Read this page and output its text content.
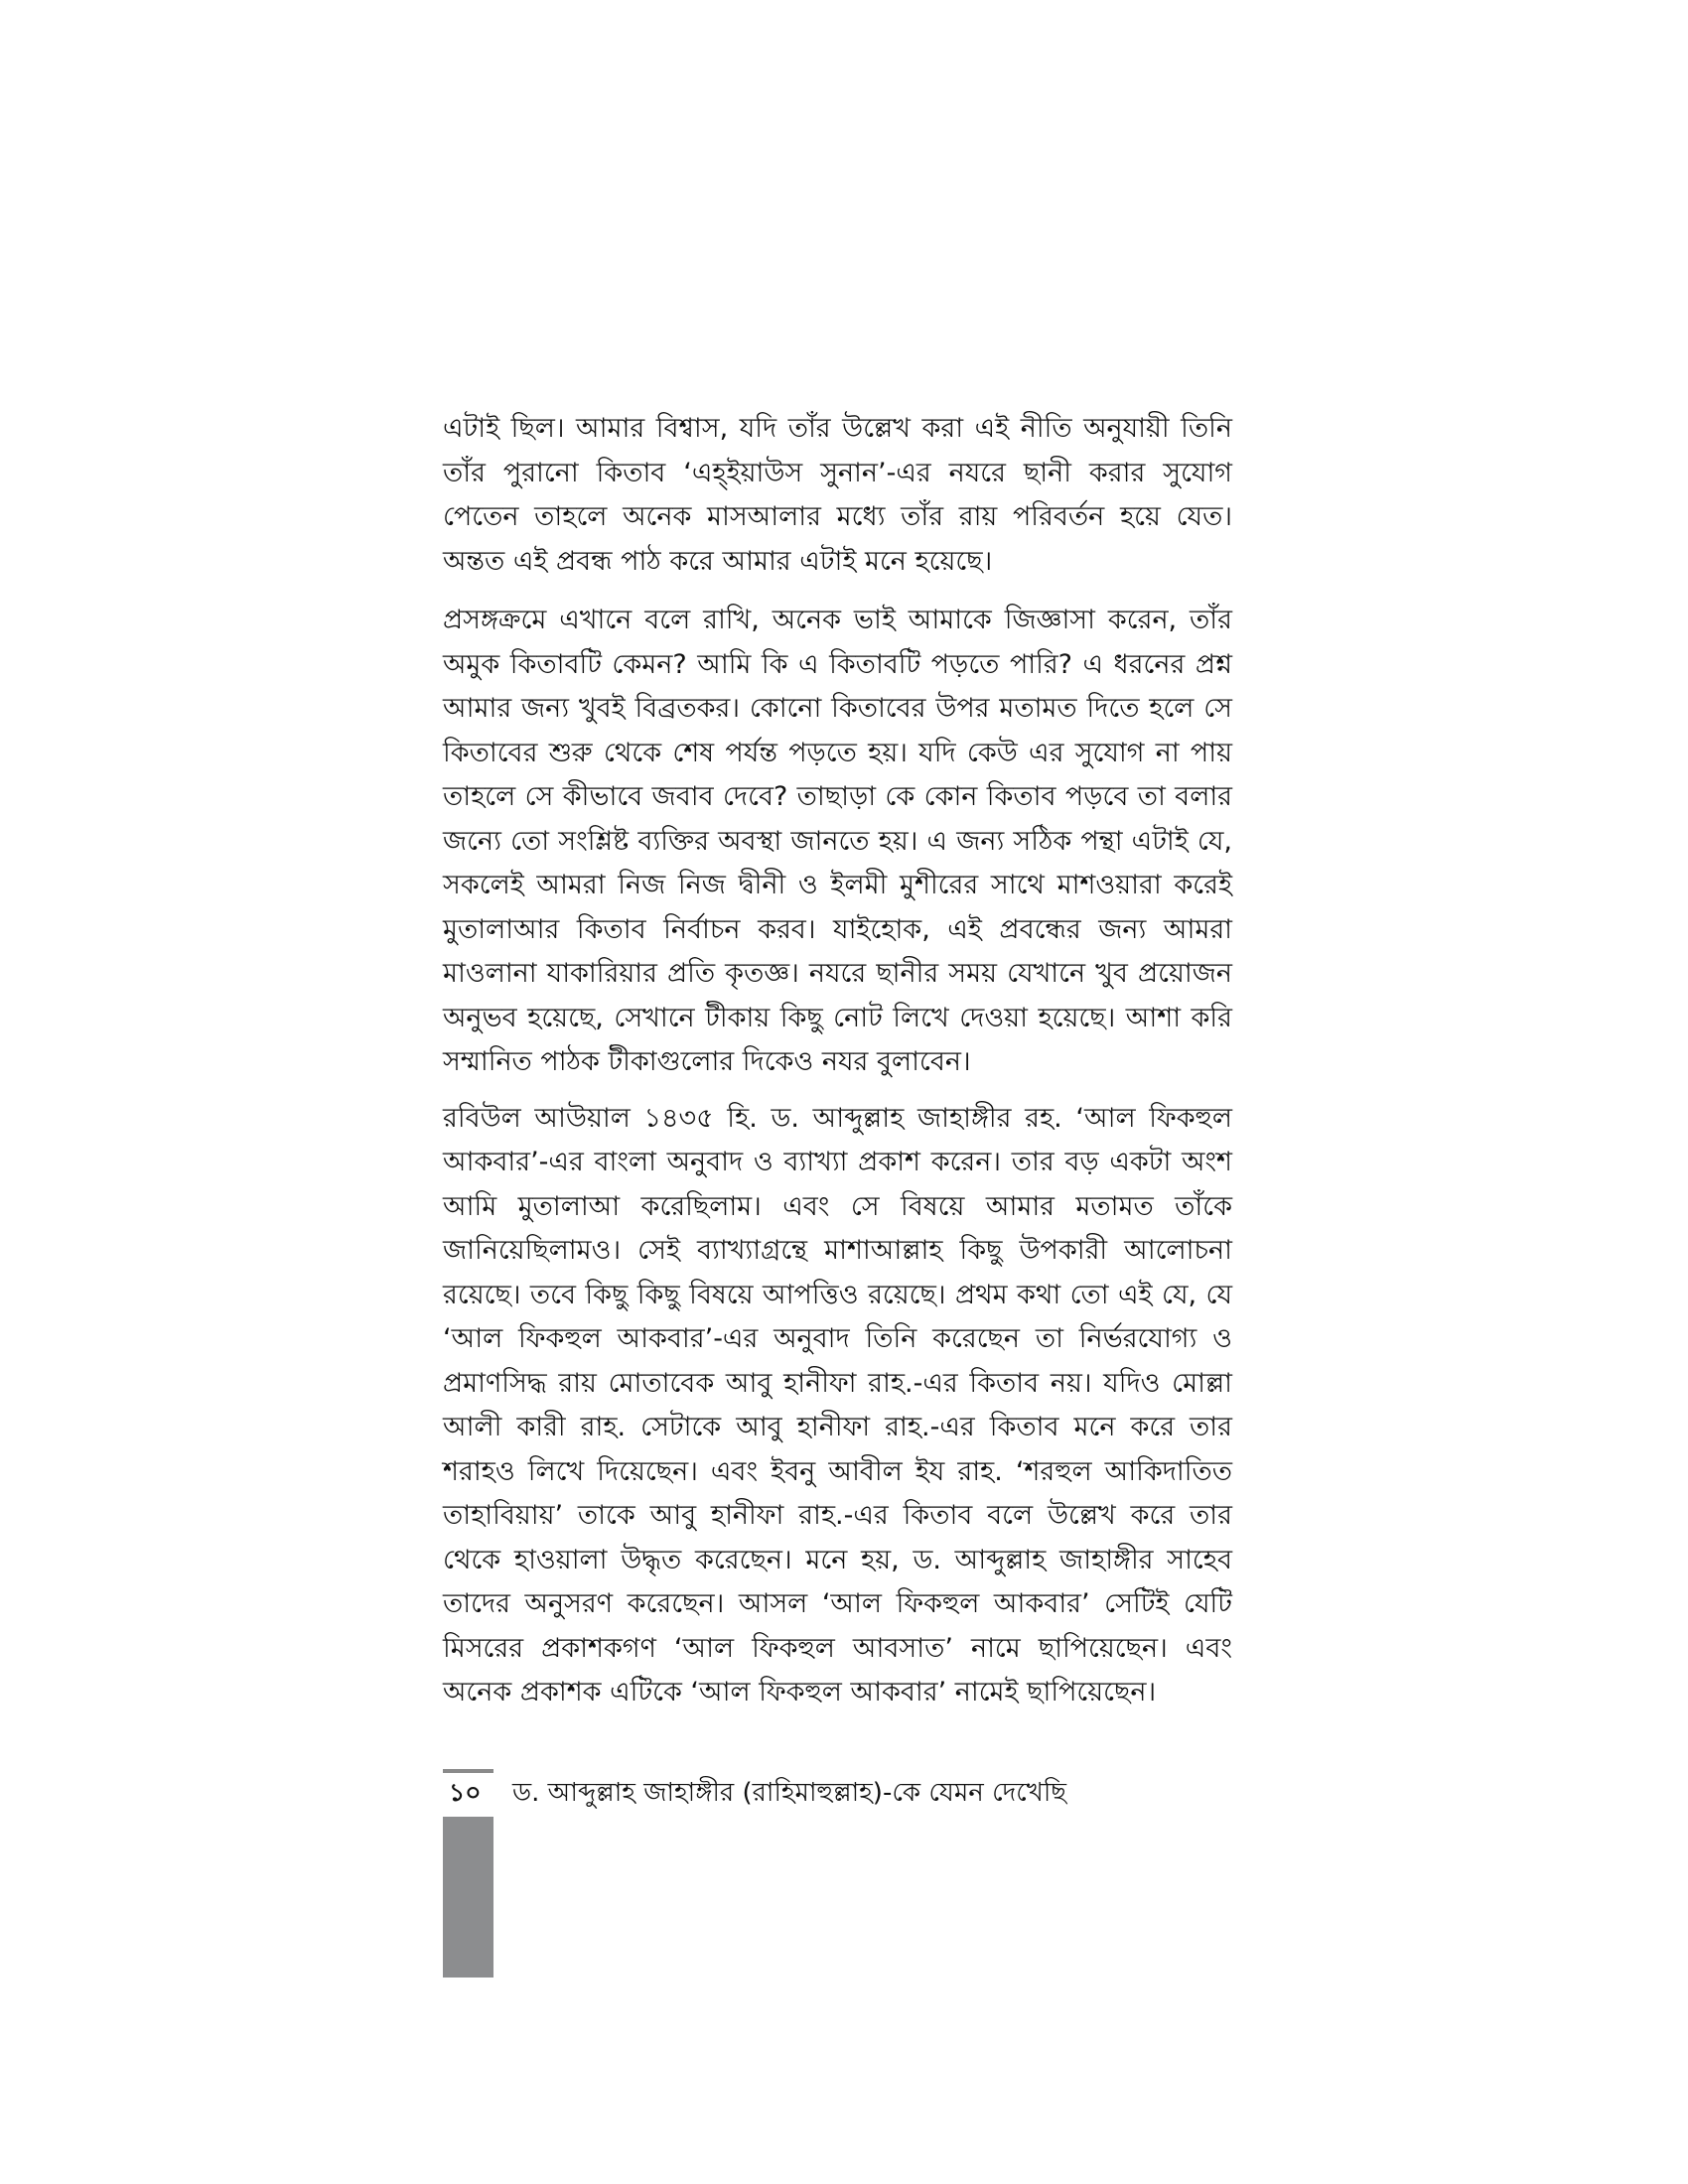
এটাই ছিল। আমার বিশ্বাস, যদি তাঁর উল্লেখ করা এই নীতি অনুযায়ী তিনি তাঁর পুরানো কিতাব ‘এহ্ইয়াউস সুনান’-এর নযরে ছানী করার সুযোগ পেতেন তাহলে অনেক মাসআলার মধ্যে তাঁর রায় পরিবর্তন হয়ে যেত। অন্তত এই প্রবন্ধ পাঠ করে আমার এটাই মনে হয়েছে।

প্রসঙ্গক্রমে এখানে বলে রাখি, অনেক ভাই আমাকে জিজ্ঞাসা করেন, তাঁর অমুক কিতাবটি কেমন? আমি কি এ কিতাবটি পড়তে পারি? এ ধরনের প্রশ্ন আমার জন্য খুবই বিব্রতকর। কোনো কিতাবের উপর মতামত দিতে হলে সে কিতাবের শুরু থেকে শেষ পর্যন্ত পড়তে হয়। যদি কেউ এর সুযোগ না পায় তাহলে সে কীভাবে জবাব দেবে? তাছাড়া কে কোন কিতাব পড়বে তা বলার জন্যে তো সংশ্লিষ্ট ব্যক্তির অবস্থা জানতে হয়। এ জন্য সঠিক পন্থা এটাই যে, সকলেই আমরা নিজ নিজ দ্বীনী ও ইলমী মুশীরের সাথে মাশওয়ারা করেই মুতালাআর কিতাব নির্বাচন করব। যাইহোক, এই প্রবন্ধের জন্য আমরা মাওলানা যাকারিয়ার প্রতি কৃতজ্ঞ। নযরে ছানীর সময় যেখানে খুব প্রয়োজন অনুভব হয়েছে, সেখানে টীকায় কিছু নোট লিখে দেওয়া হয়েছে। আশা করি সম্মানিত পাঠক টীকাগুলোর দিকেও নযর বুলাবেন।

রবিউল আউয়াল ১৪৩৫ হি. ড. আব্দুল্লাহ জাহাঙ্গীর রহ. ‘আল ফিকহুল আকবার’-এর বাংলা অনুবাদ ও ব্যাখ্যা প্রকাশ করেন। তার বড় একটা অংশ আমি মুতালাআ করেছিলাম। এবং সে বিষয়ে আমার মতামত তাঁকে জানিয়েছিলামও। সেই ব্যাখ্যাগ্রন্থে মাশাআল্লাহ কিছু উপকারী আলোচনা রয়েছে। তবে কিছু কিছু বিষয়ে আপত্তিও রয়েছে। প্রথম কথা তো এই যে, যে ‘আল ফিকহুল আকবার’-এর অনুবাদ তিনি করেছেন তা নির্ভরযোগ্য ও প্রমাণসিদ্ধ রায় মোতাবেক আবু হানীফা রাহ.-এর কিতাব নয়। যদিও মোল্লা আলী কারী রাহ. সেটাকে আবু হানীফা রাহ.-এর কিতাব মনে করে তার শরাহও লিখে দিয়েছেন। এবং ইবনু আবীল ইয রাহ. ‘শরহুল আকিদাতিত তাহাবিয়ায়’ তাকে আবু হানীফা রাহ.-এর কিতাব বলে উল্লেখ করে তার থেকে হাওয়ালা উদ্ধৃত করেছেন। মনে হয়, ড. আব্দুল্লাহ জাহাঙ্গীর সাহেব তাদের অনুসরণ করেছেন। আসল ‘আল ফিকহুল আকবার’ সেটিই যেটি মিসরের প্রকাশকগণ ‘আল ফিকহুল আবসাত’ নামে ছাপিয়েছেন। এবং অনেক প্রকাশক এটিকে ‘আল ফিকহুল আকবার’ নামেই ছাপিয়েছেন।

১০ ড. আব্দুল্লাহ জাহাঙ্গীর (রাহিমাহুল্লাহ)-কে যেমন দেখেছি
